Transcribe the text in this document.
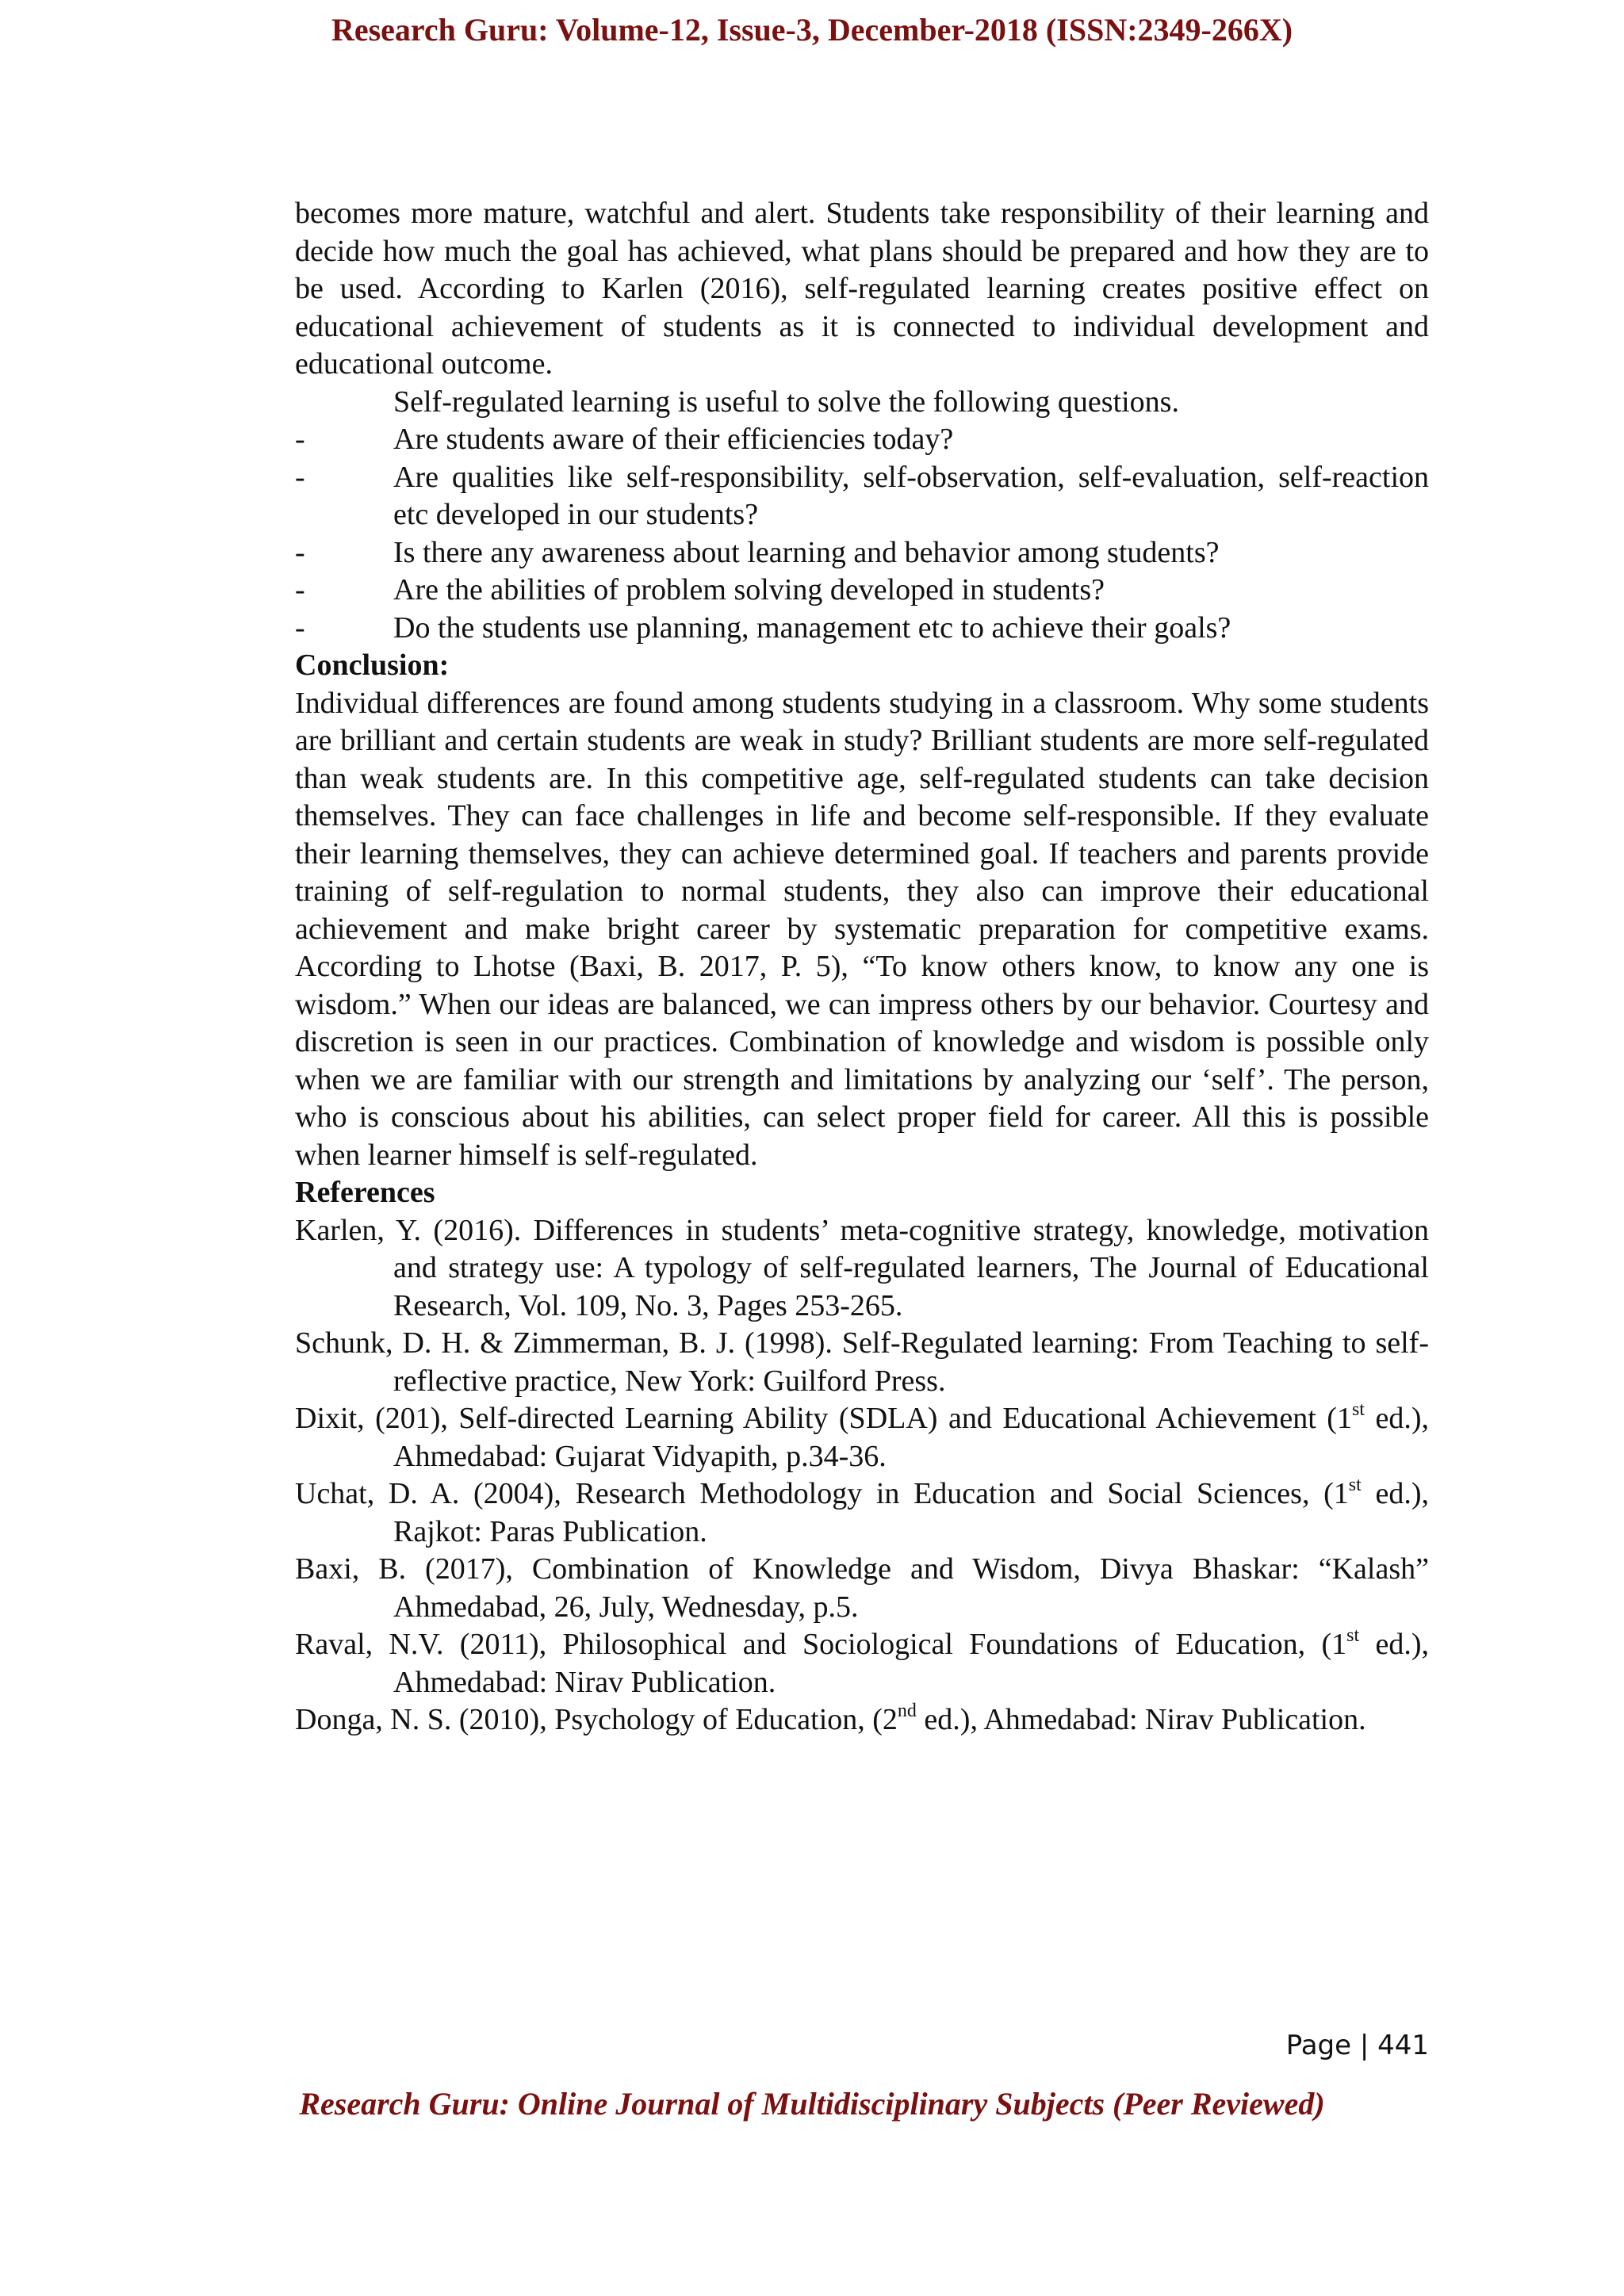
Research Guru: Volume-12, Issue-3, December-2018 (ISSN:2349-266X)

becomes more mature, watchful and alert. Students take responsibility of their learning and decide how much the goal has achieved, what plans should be prepared and how they are to be used. According to Karlen (2016), self-regulated learning creates positive effect on educational achievement of students as it is connected to individual development and educational outcome.

Self-regulated learning is useful to solve the following questions.

-	Are students aware of their efficiencies today?
-	Are qualities like self-responsibility, self-observation, self-evaluation, self-reaction etc developed in our students?
-	Is there any awareness about learning and behavior among students?
-	Are the abilities of problem solving developed in students?
-	Do the students use planning, management etc to achieve their goals?

Conclusion:

Individual differences are found among students studying in a classroom. Why some students are brilliant and certain students are weak in study? Brilliant students are more self-regulated than weak students are. In this competitive age, self-regulated students can take decision themselves. They can face challenges in life and become self-responsible. If they evaluate their learning themselves, they can achieve determined goal. If teachers and parents provide training of self-regulation to normal students, they also can improve their educational achievement and make bright career by systematic preparation for competitive exams. According to Lhotse (Baxi, B. 2017, P. 5), “To know others know, to know any one is wisdom.” When our ideas are balanced, we can impress others by our behavior. Courtesy and discretion is seen in our practices. Combination of knowledge and wisdom is possible only when we are familiar with our strength and limitations by analyzing our ‘self’. The person, who is conscious about his abilities, can select proper field for career. All this is possible when learner himself is self-regulated.

References

Karlen, Y. (2016). Differences in students’ meta-cognitive strategy, knowledge, motivation and strategy use: A typology of self-regulated learners, The Journal of Educational Research, Vol. 109, No. 3, Pages 253-265.

Schunk, D. H. & Zimmerman, B. J. (1998). Self-Regulated learning: From Teaching to self-reflective practice, New York: Guilford Press.

Dixit, (201), Self-directed Learning Ability (SDLA) and Educational Achievement (1st ed.), Ahmedabad: Gujarat Vidyapith, p.34-36.

Uchat, D. A. (2004), Research Methodology in Education and Social Sciences, (1st ed.), Rajkot: Paras Publication.

Baxi, B. (2017), Combination of Knowledge and Wisdom, Divya Bhaskar: “Kalash” Ahmedabad, 26, July, Wednesday, p.5.

Raval, N.V. (2011), Philosophical and Sociological Foundations of Education, (1st ed.), Ahmedabad: Nirav Publication.

Donga, N. S. (2010), Psychology of Education, (2nd ed.), Ahmedabad: Nirav Publication.

Page | 441
Research Guru: Online Journal of Multidisciplinary Subjects (Peer Reviewed)
